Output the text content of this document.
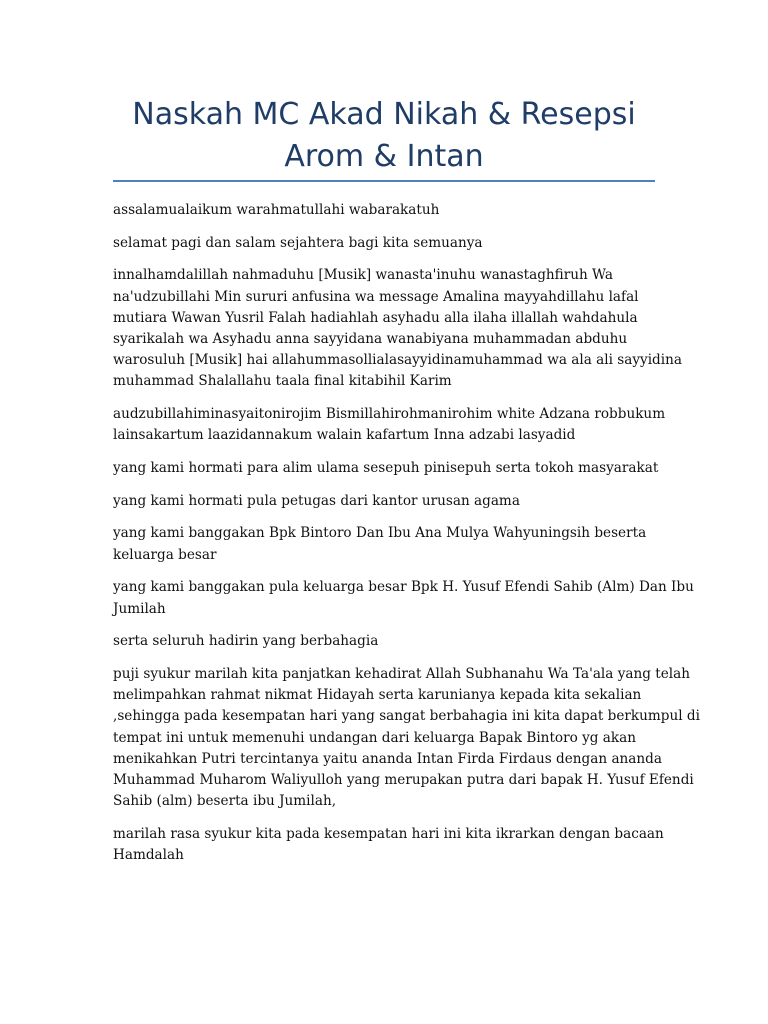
Naskah MC Akad Nikah & Resepsi
Arom & Intan
assalamualaikum warahmatullahi wabarakatuh
selamat pagi dan salam sejahtera bagi kita semuanya
innalhamdalillah nahmaduhu [Musik] wanasta'inuhu wanastaghfiruh Wa
na'udzubillahi Min sururi anfusina wa message Amalina mayyahdillahu lafal
mutiara Wawan Yusril Falah hadiahlah asyhadu alla ilaha illallah wahdahula
syarikalah wa Asyhadu anna sayyidana wanabiyana muhammadan abduhu
warosuluh [Musik] hai allahummasollialasayyidinamuhammad wa ala ali sayyidina
muhammad Shalallahu taala final kitabihil Karim
audzubillahiminasyaitonirojim Bismillahirohmanirohim white Adzana robbukum
lainsakartum laazidannakum walain kafartum Inna adzabi lasyadid
yang kami hormati para alim ulama sesepuh pinisepuh serta tokoh masyarakat
yang kami hormati pula petugas dari kantor urusan agama
yang kami banggakan Bpk Bintoro Dan Ibu Ana Mulya Wahyuningsih beserta
keluarga besar
yang kami banggakan pula keluarga besar Bpk H. Yusuf Efendi Sahib (Alm) Dan Ibu
Jumilah
serta seluruh hadirin yang berbahagia
puji syukur marilah kita panjatkan kehadirat Allah Subhanahu Wa Ta'ala yang telah
melimpahkan rahmat nikmat Hidayah serta karunianya kepada kita sekalian
,sehingga pada kesempatan hari yang sangat berbahagia ini kita dapat berkumpul di
tempat ini untuk memenuhi undangan dari keluarga Bapak Bintoro yg akan
menikahkan Putri tercintanya yaitu ananda Intan Firda Firdaus dengan ananda
Muhammad Muharom Waliyulloh yang merupakan putra dari bapak H. Yusuf Efendi
Sahib (alm) beserta ibu Jumilah,
marilah rasa syukur kita pada kesempatan hari ini kita ikrarkan dengan bacaan
Hamdalah
